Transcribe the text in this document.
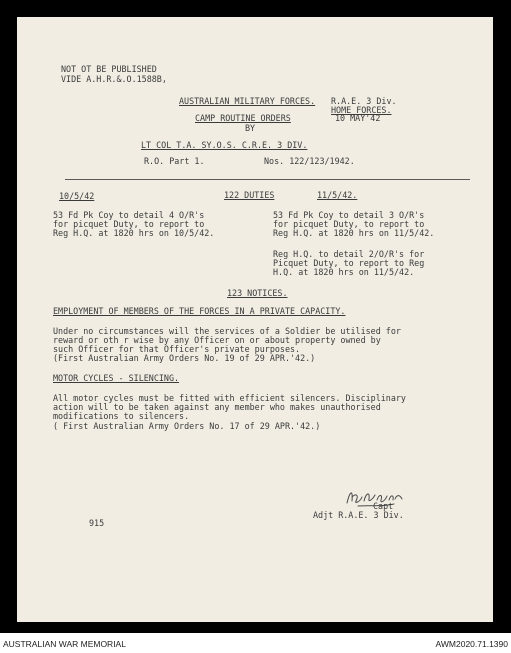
NOT OT BE PUBLISHED
VIDE A.H.R.&.O.1588B,
R.A.E. 3 Div.
HOME FORCES.
10 MAY'42
AUSTRALIAN MILITARY FORCES.
CAMP ROUTINE ORDERS
BY
LT COL T.A. SY.O.S. C.R.E. 3 DIV.
R.O. Part 1.	Nos. 122/123/1942.
122 DUTIES
10/5/42	11/5/42.
53 Fd Pk Coy to detail 4 O/R's
for picquet Duty, to report to
Reg H.Q. at 1820 hrs on 10/5/42.
53 Fd Pk Coy to detail 3 O/R's
for picquet Duty, to report to
Reg H.Q. at 1820 hrs on 11/5/42.
Reg H.Q. to detail 2/O/R's for
Picquet Duty, to report to Reg
H.Q. at 1820 hrs on 11/5/42.
123 NOTICES.
EMPLOYMENT OF MEMBERS OF THE FORCES IN A PRIVATE CAPACITY.
Under no circumstances will the services of a Soldier be utilised for
reward or oth r wise by any Officer on or about property owned by
such Officer for that Officer's private purposes.
(First Australian Army Orders No. 19 of 29 APR.'42.)
MOTOR CYCLES - SILENCING.
All motor cycles must be fitted with efficient silencers. Disciplinary
action will to be taken against any member who makes unauthorised
modifications to silencers.
( First Australian Army Orders No. 17 of 29 APR.'42.)
Capt
Adjt R.A.E. 3 Div.
915
AUSTRALIAN WAR MEMORIAL	AWM2020.71.1390
